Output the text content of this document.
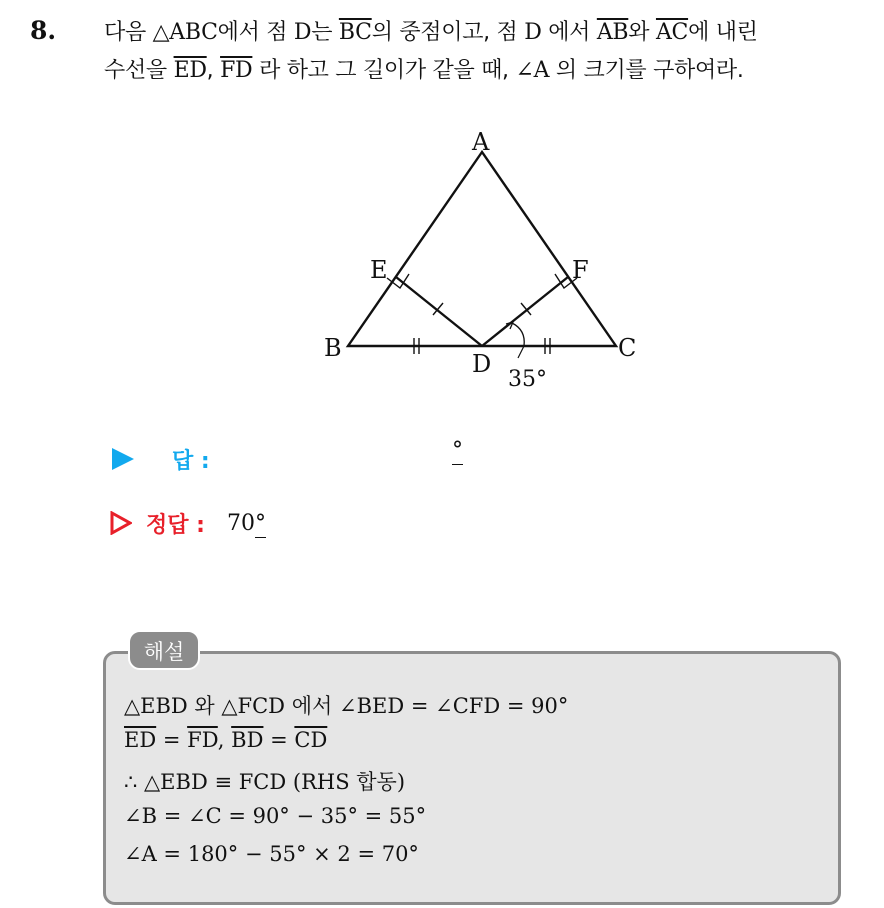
8. 다음 △ABC에서 점 D는 $\overline{BC}$의 중점이고, 점 D 에서 $\overline{AB}$와 $\overline{AC}$에 내린
수선을 $\overline{ED}$, $\overline{FD}$ 라 하고 그 길이가 같을 때, ∠A 의 크기를 구하여라.
A
B	C
D
E	F
35°
답 :	°
정답 : 70°
해설
△EBD 와 △FCD 에서 ∠BED = ∠CFD = 90°
$\overline{ED} = \overline{FD}$, $\overline{BD} = \overline{CD}$
∴ △EBD ≡ FCD (RHS 합동)
∠B = ∠C = 90° − 35° = 55°
∠A = 180° − 55° × 2 = 70°
